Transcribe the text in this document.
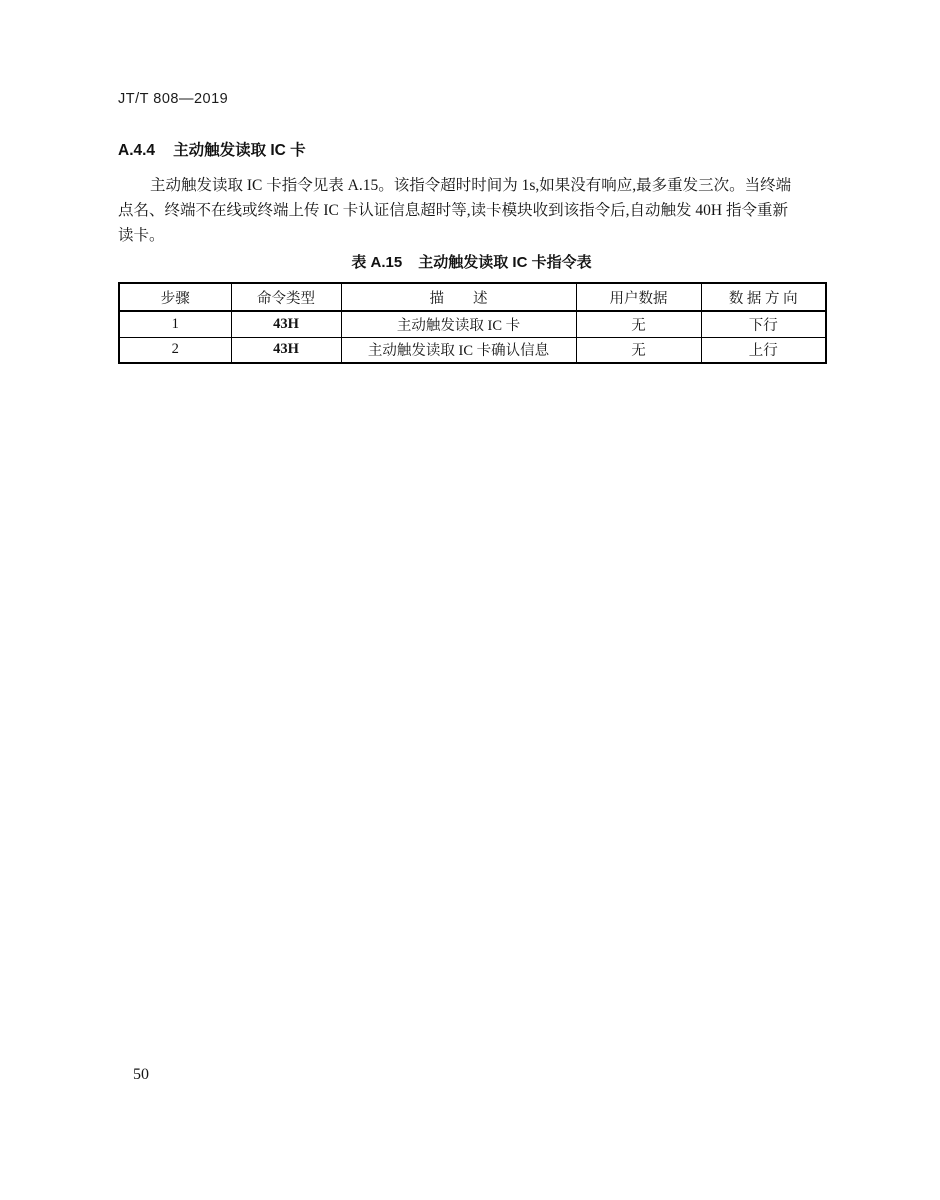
JT/T 808—2019
A.4.4 主动触发读取 IC 卡
主动触发读取 IC 卡指令见表 A.15。该指令超时时间为 1s,如果没有响应,最多重发三次。当终端
点名、终端不在线或终端上传 IC 卡认证信息超时等,读卡模块收到该指令后,自动触发 40H 指令重新
读卡。
表 A.15 主动触发读取 IC 卡指令表
步骤	命令类型	描　　述	用户数据	数 据 方 向
1	43H	主动触发读取 IC 卡	无	下行
2	43H	主动触发读取 IC 卡确认信息	无	上行
50
